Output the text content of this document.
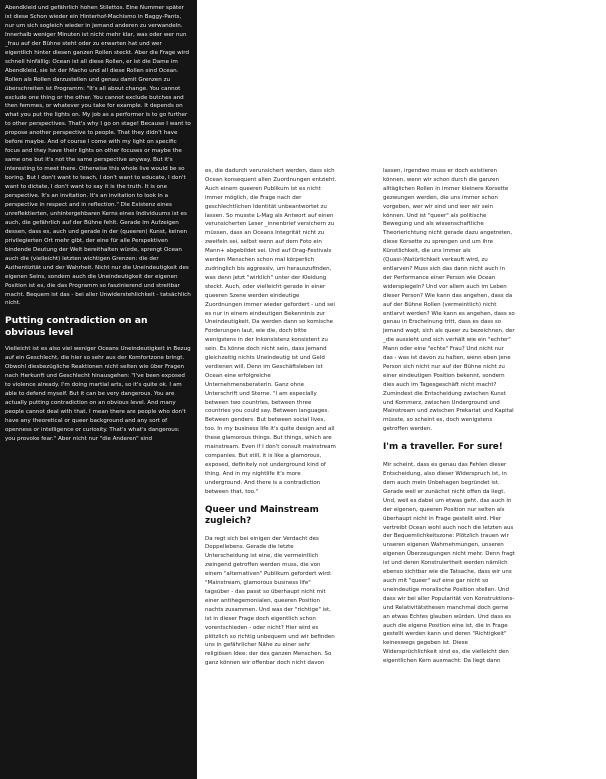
Abendkleid und gefährlich hohen Stilettos. Eine Nummer später ist diese Schon wieder ein Hinterhof-Machismo in Baggy-Pants, nur um sich sogleich wieder in jemand anderen zu verwandeln. Innerhalb weniger Minuten ist nicht mehr klar, was oder wer nun _frau auf der Bühne steht oder zu erwarten hat und wer eigentlich hinter diesen ganzen Rollen steckt. Aber die Frage wird schnell hinfällig: Ocean ist all diese Rollen, er ist die Dame im Abendkleid, sie ist der Macho und all diese Rollen sind Ocean. Rollen als Rollen darzustellen und genau damit Grenzen zu überschreiten ist Programm: "It's all about change. You cannot exclude one thing or the other. You cannot exclude butches and then femmes, or whatever you take for example. It depends on what you put the lights on. My job as a performer is to go further to other perspectives. That's why I go on stage! Because I want to propose another perspective to people. That they didn't have before maybe. And of course I come with my light on specific focus and they have their lights on other focuses or maybe the same one but it's not the same perspective anyway. But it's interesting to meet there. Otherwise this whole live would be so boring. But I don't want to teach, I don't want to educate, I don't want to dictate, I don't want to say it is the truth. It is one perspective. It's an invitation. It's an invitation to look in a perspective in respect and in reflection." Die Existenz eines unreflektierten, unhintergehbaren Kerns eines Individuums ist es auch, die gefährlich auf der Bühne fehlt. Gerade im Aufzeigen dessen, dass es, auch und gerade in der (queeren) Kunst, keinen privilegierten Ort mehr gibt, der eine für alle Perspektiven bindende Deutung der Welt bereithalten würde, sprengt Ocean auch die (vielleicht) letzten wichtigen Grenzen: die der Authentizität und der Wahrheit. Nicht nur die Uneindeutigkeit des eigenen Seins, sondern auch die Uneindeutigkeit der eigenen Position ist es, die das Programm so faszinierend und streitbar macht. Bequem ist das - bei aller Unwiderstehlichkeit - tatsächlich nicht.

Putting contradiction on an obvious level

Vielleicht ist es also viel weniger Oceans Uneindeutigkeit in Bezug auf ein Geschlecht, die hier so sehr aus der Komfortzone bringt. Obwohl diesbezügliche Reaktionen nicht selten wie über Fragen nach Herkunft und Geschlecht hinausgehen: "I've been exposed to violence already. I'm doing martial arts, so it's quite ok. I am able to defend myself. But it can be very dangerous. You are actually putting contradiction on an obvious level. And many people cannot deal with that. I mean there are people who don't have any theoretical or queer background and any sort of openness or intelligence or curiosity. That's what's dangerous: you provoke fear." Aber nicht nur "die Anderen" sind

es, die dadurch verunsichert werden, dass sich Ocean konsequent allen Zuordnungen entzieht. Auch einem queeren Publikum ist es nicht immer möglich, die Frage nach der geschlechtlichen Identität unbeantwortet zu lassen. So musste L-Mag als Antwort auf einen verunsicherten Leser _innenbrief versichern zu müssen, dass an Oceans Integrität nicht zu zweifeln sei, selbst wenn auf dem Foto ein Mann+ abgebildet sei. Und auf Drag-Festivals werden Menschen schon mal körperlich zudringlich bis aggressiv, um herauszufinden, was denn jetzt "wirklich" unter der Kleidung steckt. Auch, oder vielleicht gerade in einer queeren Szene werden eindeutige Zuordnungen immer wieder gefordert - und sei es nur in einem eindeutigen Bekenntnis zur Uneindeutigkeit. Da werden dann so komische Forderungen laut, wie die, doch bitte wenigstens in der Inkonsistenz konsistent zu sein. Es könne doch nicht sein, dass jemand gleichzeitig nichts Uneindeutig ist und Geld verdienen will. Denn im Geschäftsleben ist Ocean eine erfolgreiche Unternehmensberaterin. Ganz ohne Unterschrift und Sterne. "I am especially between two countries, between three countries you could say. Between languages. Between genders. But between social lives, too. In my business life it's quite design and all these glamorous things. But things, which are mainstream. Even if I don't consult mainstream companies. But still, it is like a glamorous, exposed, definitely not underground kind of thing. And in my nightlife it's more underground. And there is a contradiction between that, too."

Queer und Mainstream zugleich?

Da regt sich bei einigen der Verdacht des Doppellebens. Gerade die letzte Unterscheidung ist eine, die vermeintlich zwingend getroffen werden muss, die von einem "alternativen" Publikum gefordert wird: "Mainstream, glamorous business life" tagsüber - das passt so überhaupt nicht mit einer antihegemonialen, queeren Position nachts zusammen. Und was der "richtige" ist, ist in dieser Frage doch eigentlich schon vorentschieden - oder nicht? Hier wird es plötzlich so richtig unbequem und wir befinden uns in gefährlicher Nähe zu einer sehr religiösen Idee: der des ganzen Menschen. So ganz können wir offenbar doch nicht davon

lassen, irgendwo muss er doch existieren können, wenn wir schon durch die ganzen alltäglichen Rollen in immer kleinere Korsette gezwungen werden, die uns immer schon vorgeben, wer wir sind und wer wir sein können. Und ist "queer" als politische Bewegung und als wissenschaftliche Theorierichtung nicht gerade dazu angetreten, diese Korsette zu sprengen und um ihre Künstlichkeit, die uns immer als (Quasi-)Natürlichkeit verkauft wird, zu entlarven? Muss sich das dann nicht auch in der Performance einer Person wie Ocean widerspiegeln? Und vor allem auch im Leben dieser Person? Wie kann das angehen, dass da auf der Bühne Rollen (vermeintlich) nicht entlarvt werden? Wie kann es angehen, dass so genau in Erscheinung tritt, dass es dass so jemand wagt, sich als queer zu bezeichnen, der _die aussieht und sich verhält wie ein "echter" Mann oder eine "echte" Frau? Und nicht nur das - was ist davon zu halten, wenn eben jene Person sich nicht nur auf der Bühne nicht zu einer eindeutigen Position bekennt, sondern dies auch im Tagesgeschäft nicht macht? Zumindest die Entscheidung zwischen Kunst und Kommerz, zwischen Underground und Mainstream und zwischen Prekariat und Kapital müsste, so scheint es, doch wenigstens getroffen werden.

I'm a traveller. For sure!

Mir scheint, dass es genau das Fehlen dieser Entscheidung, also dieser Widerspruch ist, in dem auch mein Unbehagen begründet ist. Gerade weil er zunächst nicht offen da liegt. Und, weil es dabei um etwas geht, das auch in der eigenen, queeren Position nur selten als überhaupt nicht in Frage gestellt wird. Hier vertreibt Ocean wohl auch noch die letzten aus der Bequemlichkeitszone: Plötzlich trauen wir unseren eigenen Wahrnehmungen, unseren eigenen Überzeugungen nicht mehr. Denn fragt ist und deren Konstruiertheit werden nämlich ebenso sichtbar wie die Tatsache, dass wir uns auch mit "queer" auf eine gar nicht so uneindeutige moralische Position stellen. Und dass wir bei aller Popularität von Konstruktions- und Relativitätsthesen manchmal doch gerne an etwas Echtes glauben würden. Und dass es auch die eigene Position eine ist, die in Frage gestellt werden kann und deren "Richtigkeit" keineswegs gegeben ist. Diese Widersprüchlichkeit sind es, die vielleicht den eigentlichen Kern ausmacht: Da liegt dann
